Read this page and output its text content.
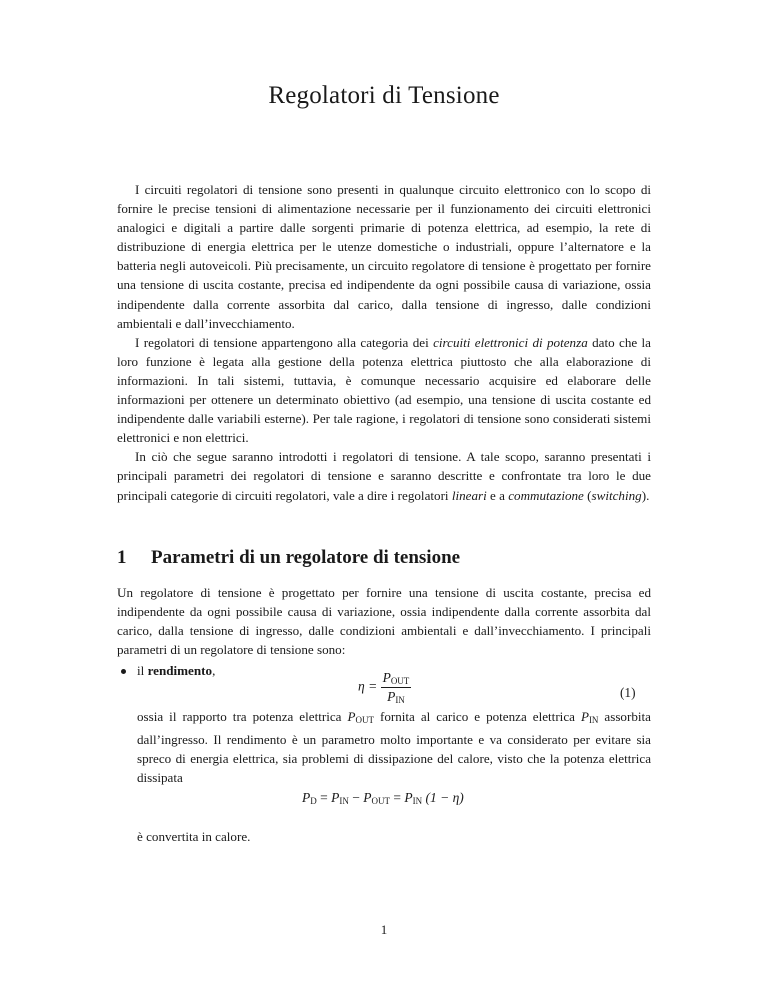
Regolatori di Tensione

I circuiti regolatori di tensione sono presenti in qualunque circuito elettronico con lo scopo di fornire le precise tensioni di alimentazione necessarie per il funzionamento dei circuiti elettronici analogici e digitali a partire dalle sorgenti primarie di potenza elettrica, ad esempio, la rete di distribuzione di energia elettrica per le utenze domestiche o industriali, oppure l’alternatore e la batteria negli autoveicoli. Più precisamente, un circuito regolatore di tensione è progettato per fornire una tensione di uscita costante, precisa ed indipendente da ogni possibile causa di variazione, ossia indipendente dalla corrente assorbita dal carico, dalla tensione di ingresso, dalle condizioni ambientali e dall’invecchiamento.

I regolatori di tensione appartengono alla categoria dei circuiti elettronici di potenza dato che la loro funzione è legata alla gestione della potenza elettrica piuttosto che alla elaborazione di informazioni. In tali sistemi, tuttavia, è comunque necessario acquisire ed elaborare delle informazioni per ottenere un determinato obiettivo (ad esempio, una tensione di uscita costante ed indipendente dalle variabili esterne). Per tale ragione, i regolatori di tensione sono considerati sistemi elettronici e non elettrici.

In ciò che segue saranno introdotti i regolatori di tensione. A tale scopo, saranno presentati i principali parametri dei regolatori di tensione e saranno descritte e confrontate tra loro le due principali categorie di circuiti regolatori, vale a dire i regolatori lineari e a commutazione (switching).

1 Parametri di un regolatore di tensione

Un regolatore di tensione è progettato per fornire una tensione di uscita costante, precisa ed indipendente da ogni possibile causa di variazione, ossia indipendente dalla corrente assorbita dal carico, dalla tensione di ingresso, dalle condizioni ambientali e dall’invecchiamento. I principali parametri di un regolatore di tensione sono:

il rendimento,
$\eta = \frac{P_{OUT}}{P_{IN}}$	(1)

ossia il rapporto tra potenza elettrica $P_{OUT}$ fornita al carico e potenza elettrica $P_{IN}$ assorbita dall’ingresso. Il rendimento è un parametro molto importante e va considerato per evitare sia spreco di energia elettrica, sia problemi di dissipazione del calore, visto che la potenza elettrica dissipata

$P_D = P_{IN} - P_{OUT} = P_{IN}$ (1 − η)

è convertita in calore.

1
